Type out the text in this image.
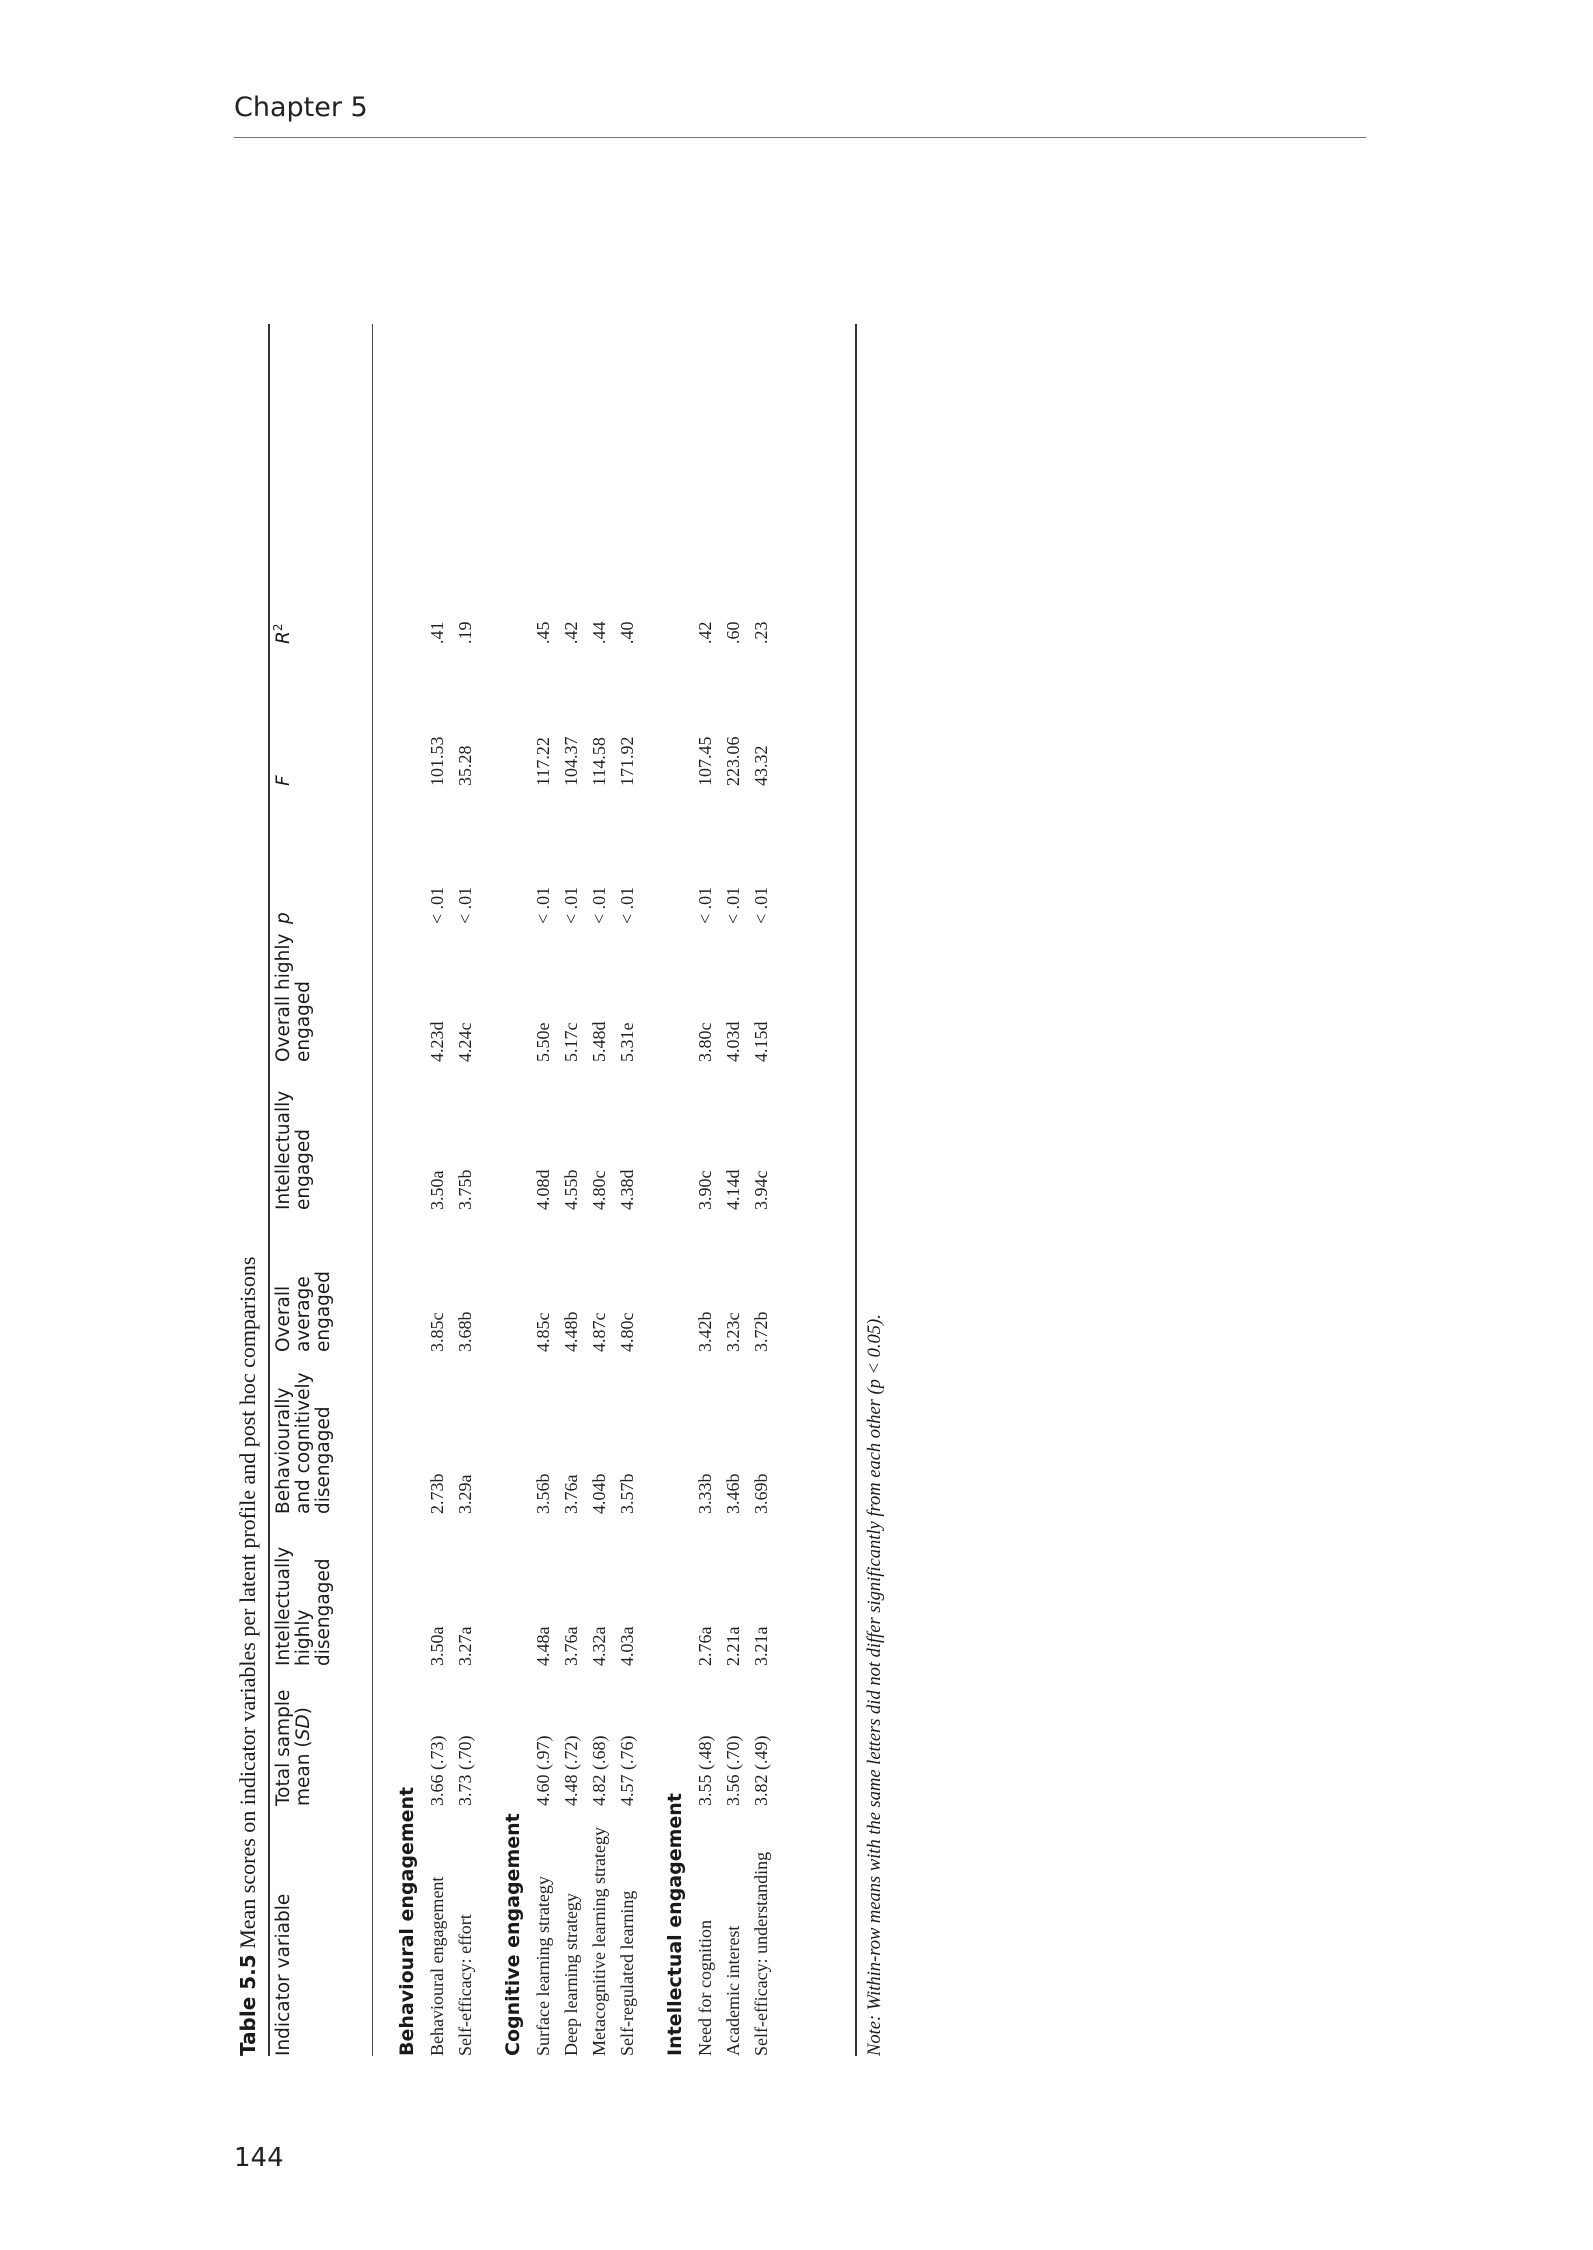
Chapter 5
144
Table 5.5 Mean scores on indicator variables per latent profile and post hoc comparisons
Indicator variable	Total sample mean (SD)	Intellectually highly disengaged	Behaviourally and cognitively disengaged	Overall average engaged	Intellectually engaged	Overall highly engaged	p	F	$R^2$

Behavioural engagement									
Behavioural engagement	3.66 (.73)	3.50a	2.73b	3.85c	3.50a	4.23d	< .01	101.53	.41
Self-efficacy: effort	3.73 (.70)	3.27a	3.29a	3.68b	3.75b	4.24c	< .01	35.28	.19

Cognitive engagement									
Surface learning strategy	4.60 (.97)	4.48a	3.56b	4.85c	4.08d	5.50e	< .01	117.22	.45
Deep learning strategy	4.48 (.72)	3.76a	3.76a	4.48b	4.55b	5.17c	< .01	104.37	.42
Metacognitive learning strategy	4.82 (.68)	4.32a	4.04b	4.87c	4.80c	5.48d	< .01	114.58	.44
Self-regulated learning	4.57 (.76)	4.03a	3.57b	4.80c	4.38d	5.31e	< .01	171.92	.40

Intellectual engagement									
Need for cognition	3.55 (.48)	2.76a	3.33b	3.42b	3.90c	3.80c	< .01	107.45	.42
Academic interest	3.56 (.70)	2.21a	3.46b	3.23c	4.14d	4.03d	< .01	223.06	.60
Self-efficacy: understanding	3.82 (.49)	3.21a	3.69b	3.72b	3.94c	4.15d	< .01	43.32	.23
Note: Within-row means with the same letters did not differ significantly from each other (p < 0.05).
